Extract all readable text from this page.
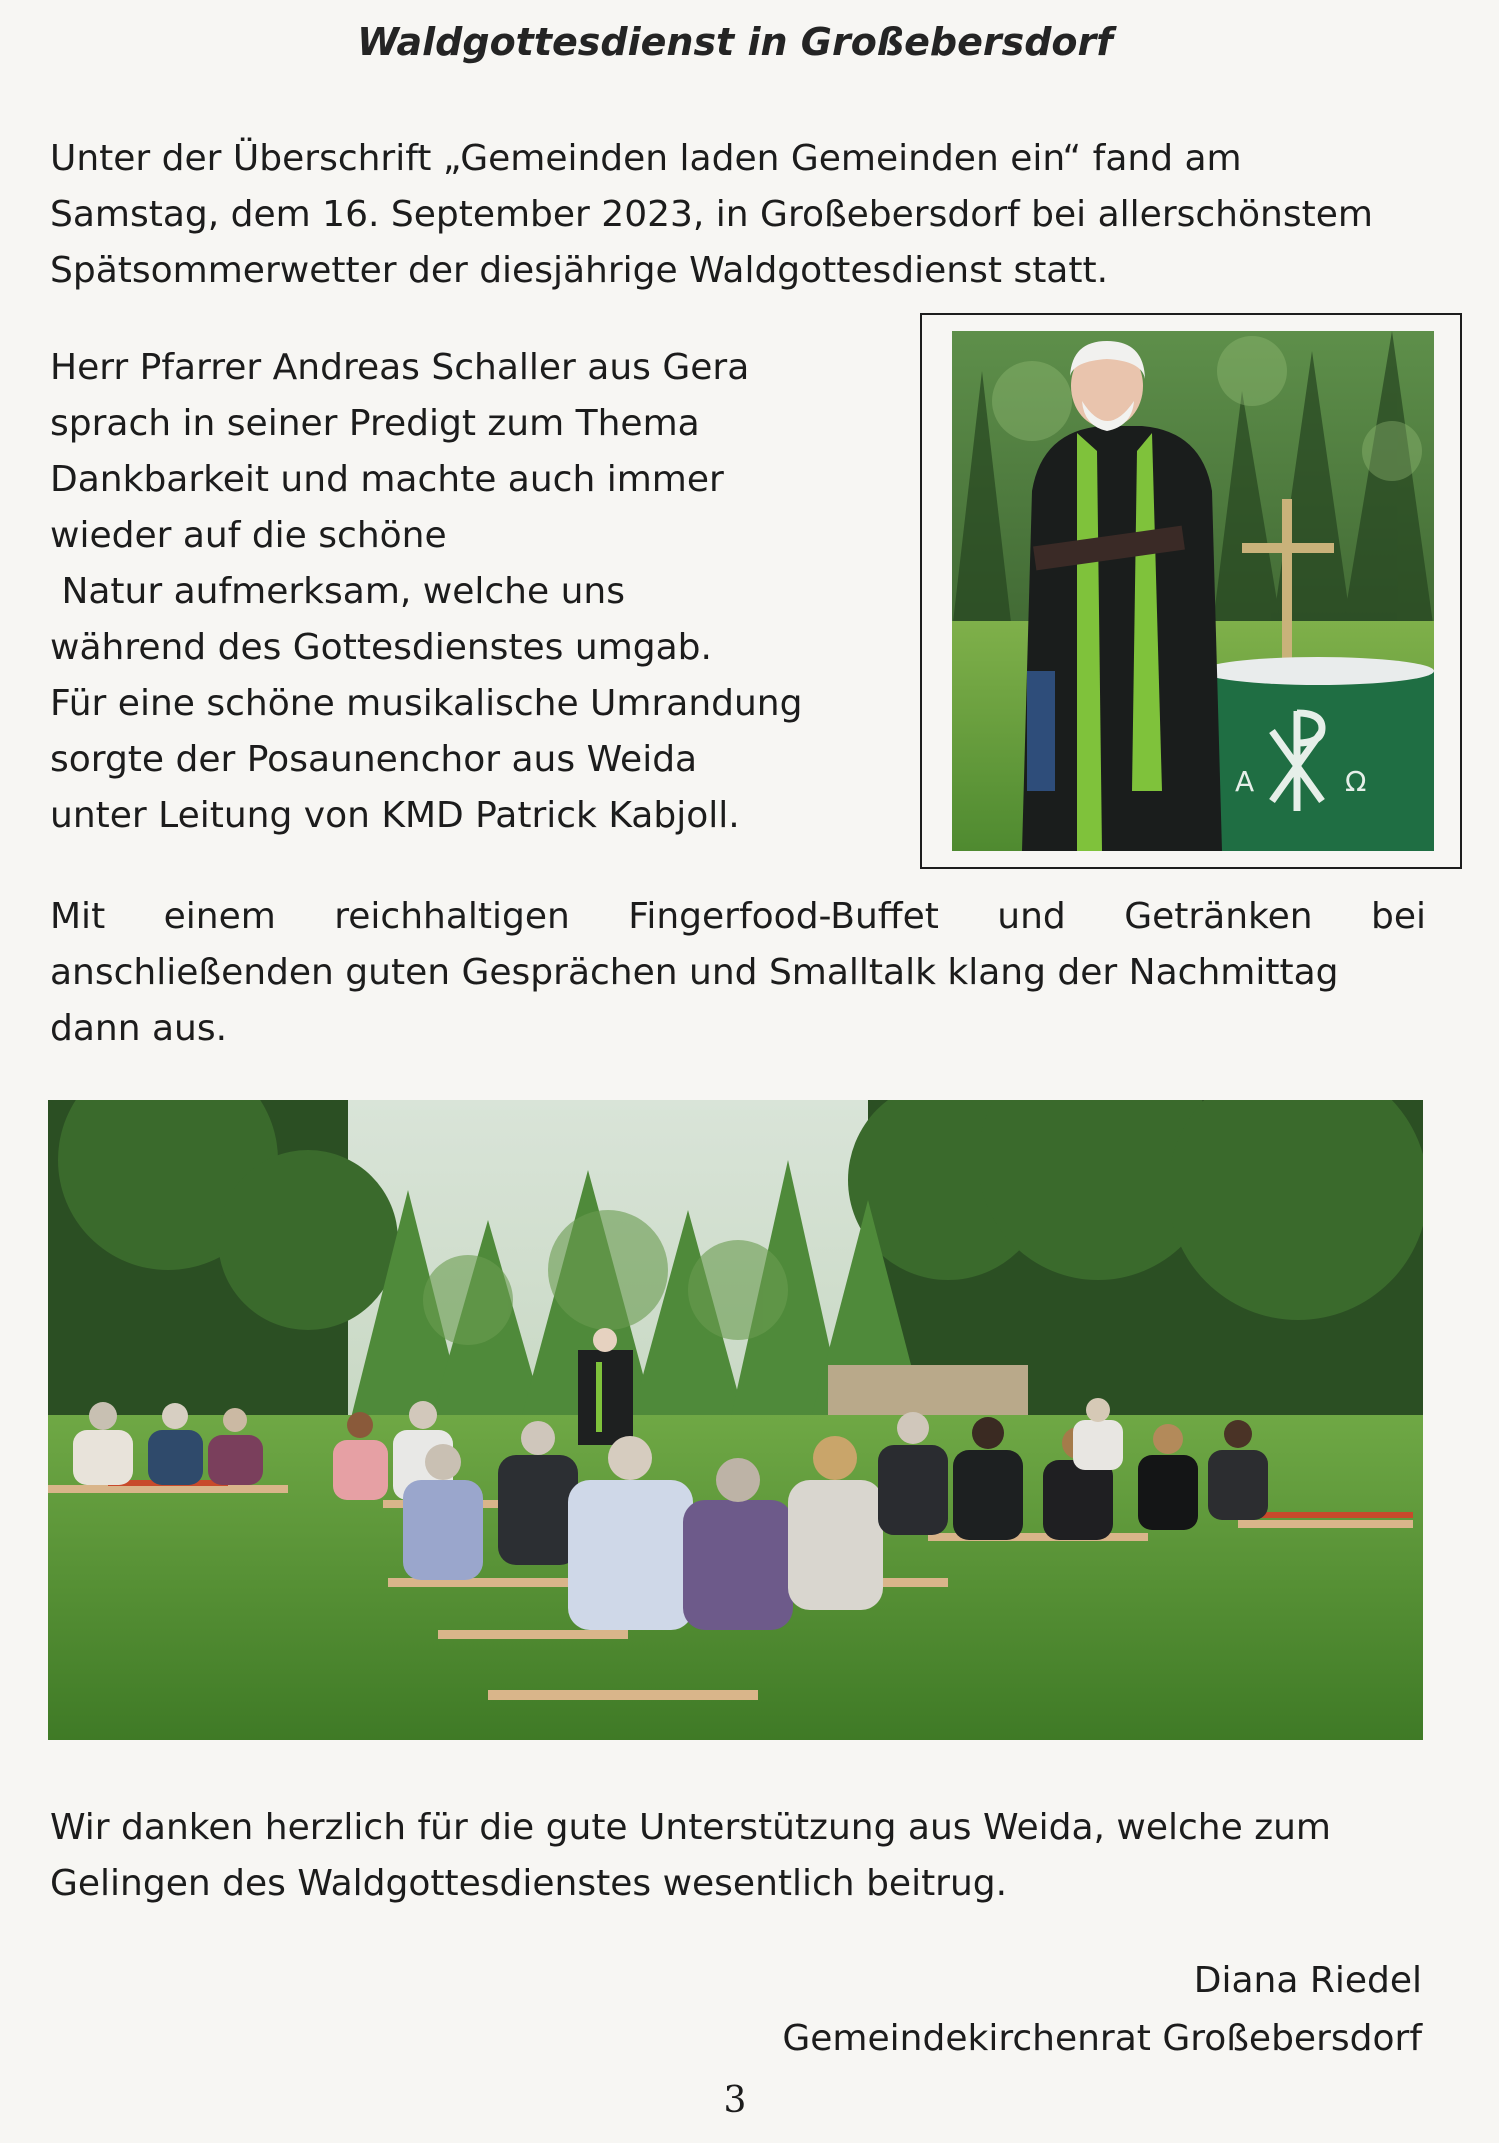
Waldgottesdienst in Großebersdorf
Unter der Überschrift „Gemeinden laden Gemeinden ein“ fand am
Samstag, dem 16. September 2023, in Großebersdorf bei allerschönstem
Spätsommerwetter der diesjährige Waldgottesdienst statt.
Herr Pfarrer Andreas Schaller aus Gera
sprach in seiner Predigt zum Thema
Dankbarkeit und machte auch immer
wieder auf die schöne
Natur aufmerksam, welche uns
während des Gottesdienstes umgab.
Für eine schöne musikalische Umrandung
sorgte der Posaunenchor aus Weida
unter Leitung von KMD Patrick Kabjoll.
A	Ω
Mit einem reichhaltigen Fingerfood-Buffet und Getränken bei
anschließenden guten Gesprächen und Smalltalk klang der Nachmittag
dann aus.
Wir danken herzlich für die gute Unterstützung aus Weida, welche zum
Gelingen des Waldgottesdienstes wesentlich beitrug.
Diana Riedel
Gemeindekirchenrat Großebersdorf
3
